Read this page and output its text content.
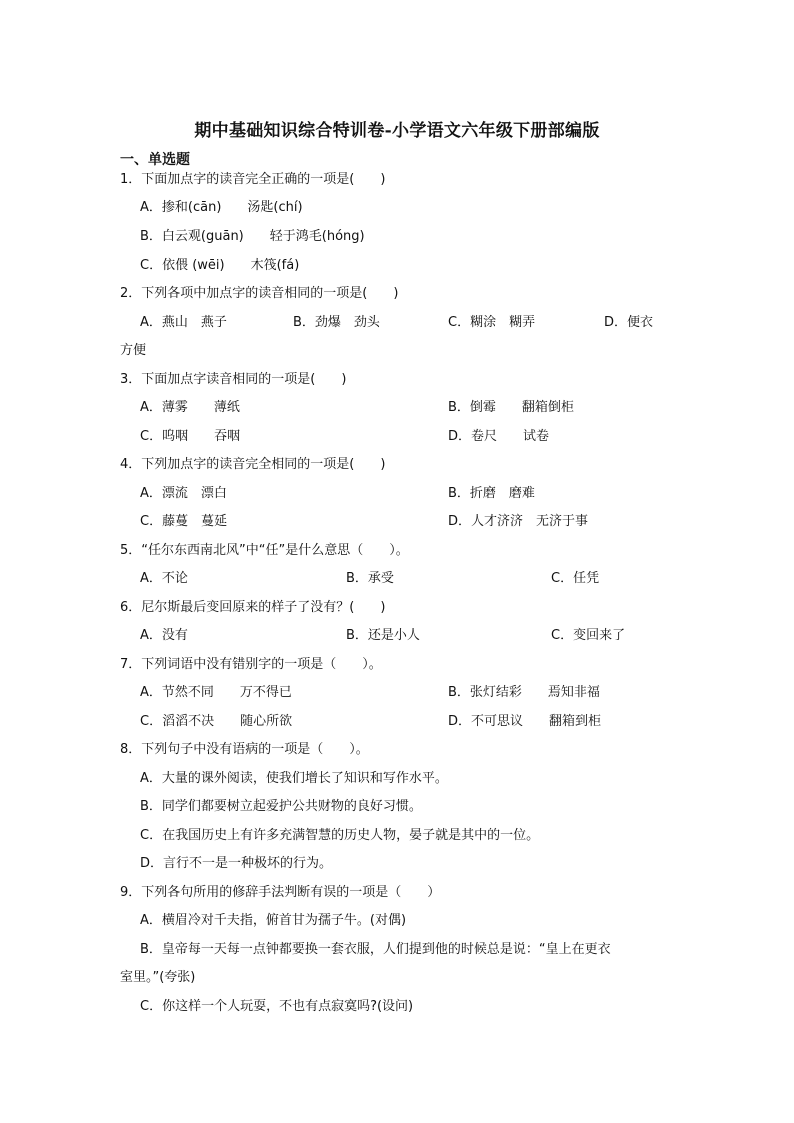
期中基础知识综合特训卷-小学语文六年级下册部编版
一、单选题
1．下面加点字的读音完全正确的一项是(　　)
A．掺和(cān)　　汤匙(chí)
B．白云观(guān)　　轻于鸿毛(hóng)
C．依偎 (wēi)　　木筏(fá)
2．下列各项中加点字的读音相同的一项是(　　)
A．燕山　燕子	B．劲爆　劲头	C．糊涂　糊弄	D．便衣
方便
3．下面加点字读音相同的一项是(　　)
A．薄雾　　薄纸	B．倒霉　　翻箱倒柜
C．呜咽　　吞咽	D．卷尺　　试卷
4．下列加点字的读音完全相同的一项是(　　)
A．漂流　漂白	B．折磨　磨难
C．藤蔓　蔓延	D．人才济济　无济于事
5．“任尔东西南北风”中“任”是什么意思（　　）。
A．不论	B．承受	C．任凭
6．尼尔斯最后变回原来的样子了没有？(　　)
A．没有	B．还是小人	C．变回来了
7．下列词语中没有错别字的一项是（　　）。
A．节然不同　　万不得已	B．张灯结彩　　焉知非福
C．滔滔不决　　随心所欲	D．不可思议　　翻箱到柜
8．下列句子中没有语病的一项是（　　）。
A．大量的课外阅读，使我们增长了知识和写作水平。
B．同学们都要树立起爱护公共财物的良好习惯。
C．在我国历史上有许多充满智慧的历史人物，晏子就是其中的一位。
D．言行不一是一种极坏的行为。
9．下列各句所用的修辞手法判断有误的一项是（　　）
A．横眉冷对千夫指，俯首甘为孺子牛。(对偶)
B．皇帝每一天每一点钟都要换一套衣服，人们提到他的时候总是说：“皇上在更衣
室里。”(夸张)
C．你这样一个人玩耍，不也有点寂寞吗?(设问)
